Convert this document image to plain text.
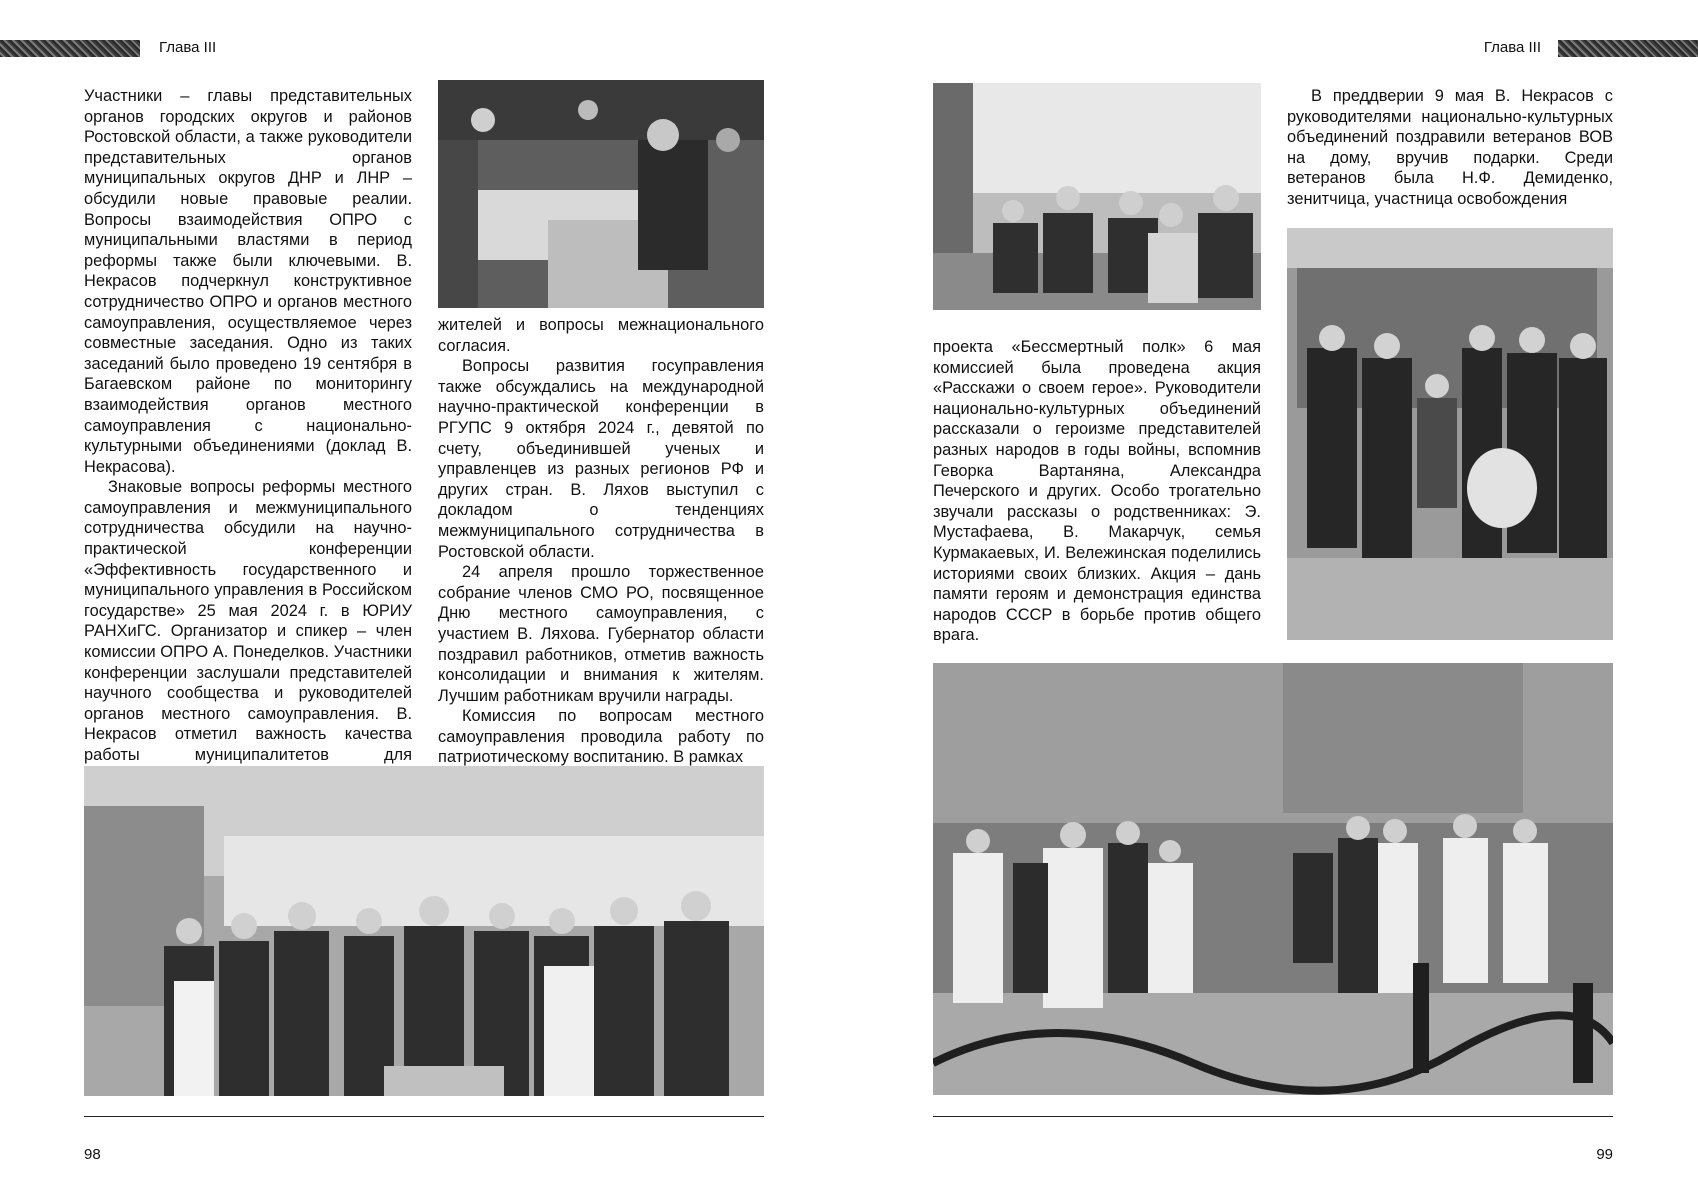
Глава III

Участники – главы представительных органов городских округов и районов Ростовской области, а также руководители представительных органов муниципальных округов ДНР и ЛНР – обсудили новые правовые реалии. Вопросы взаимодействия ОПРО с муниципальными властями в период реформы также были ключевыми. В. Некрасов подчеркнул конструктивное сотрудничество ОПРО и органов местного самоуправления, осуществляемое через совместные заседания. Одно из таких заседаний было проведено 19 сентября в Багаевском районе по мониторингу взаимодействия органов местного самоуправления с национально-культурными объединениями (доклад В. Некрасова).

Знаковые вопросы реформы местного самоуправления и межмуниципального сотрудничества обсудили на научно-практической конференции «Эффективность государственного и муниципального управления в Российском государстве» 25 мая 2024 г. в ЮРИУ РАНХиГС. Организатор и спикер – член комиссии ОПРО А. Понеделков. Участники конференции заслушали представителей научного сообщества и руководителей органов местного самоуправления. В. Некрасов отметил важность качества работы муниципалитетов для

жителей и вопросы межнационального согласия.

Вопросы развития госуправления также обсуждались на международной научно-практической конференции в РГУПС 9 октября 2024 г., девятой по счету, объединившей ученых и управленцев из разных регионов РФ и других стран. В. Ляхов выступил с докладом о тенденциях межмуниципального сотрудничества в Ростовской области.

24 апреля прошло торжественное собрание членов СМО РО, посвященное Дню местного самоуправления, с участием В. Ляхова. Губернатор области поздравил работников, отметив важность консолидации и внимания к жителям. Лучшим работникам вручили награды.

Комиссия по вопросам местного самоуправления проводила работу по патриотическому воспитанию. В рамках

98
Глава III

В преддверии 9 мая В. Некрасов с руководителями национально-культурных объединений поздравили ветеранов ВОВ на дому, вручив подарки. Среди ветеранов была Н.Ф. Демиденко, зенитчица, участница освобождения

проекта «Бессмертный полк» 6 мая комиссией была проведена акция «Расскажи о своем герое». Руководители национально-культурных объединений рассказали о героизме представителей разных народов в годы войны, вспомнив Геворка Вартаняна, Александра Печерского и других. Особо трогательно звучали рассказы о родственниках: Э. Мустафаева, В. Макарчук, семья Курмакаевых, И. Вележинская поделились историями своих близких. Акция – дань памяти героям и демонстрация единства народов СССР в борьбе против общего врага.

99
